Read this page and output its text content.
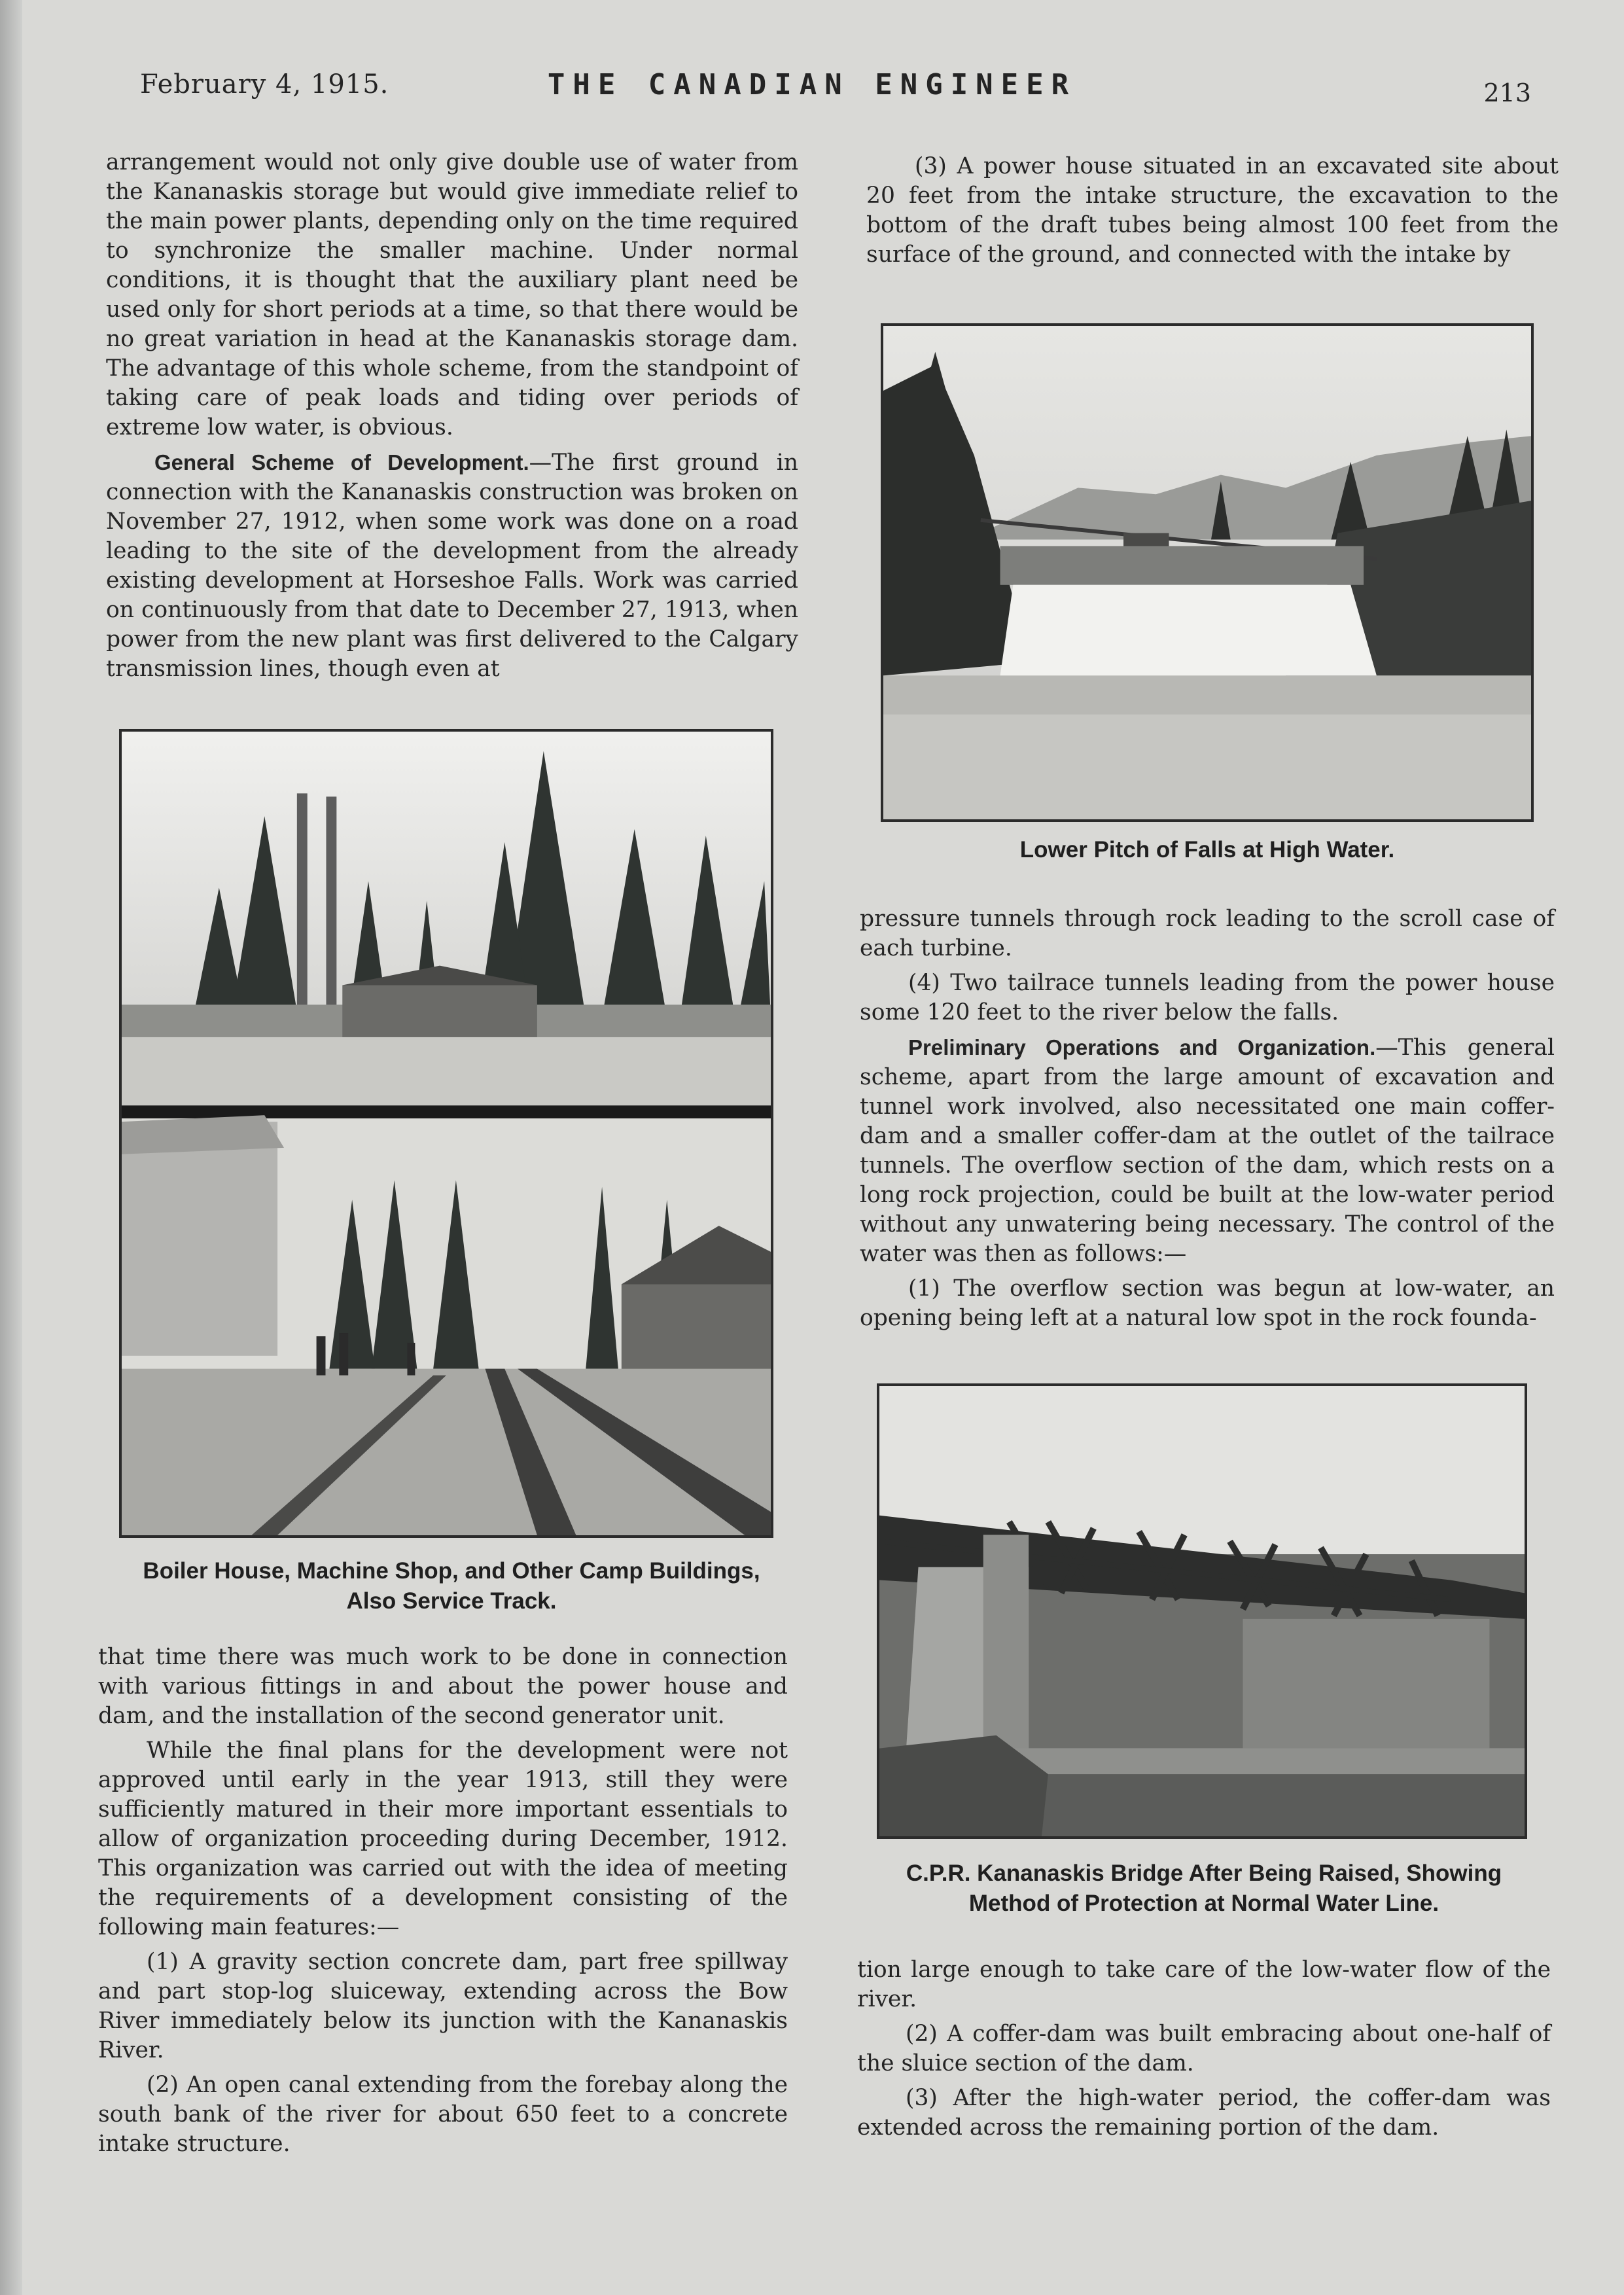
February 4, 1915.	THE CANADIAN ENGINEER	213

arrangement would not only give double use of water from the Kananaskis storage but would give immediate relief to the main power plants, depending only on the time required to synchronize the smaller machine. Under normal conditions, it is thought that the auxiliary plant need be used only for short periods at a time, so that there would be no great variation in head at the Kananaskis storage dam. The advantage of this whole scheme, from the standpoint of taking care of peak loads and tiding over periods of extreme low water, is obvious.

General Scheme of Development.—The first ground in connection with the Kananaskis construction was broken on November 27, 1912, when some work was done on a road leading to the site of the development from the already existing development at Horseshoe Falls. Work was carried on continuously from that date to December 27, 1913, when power from the new plant was first delivered to the Calgary transmission lines, though even at

Boiler House, Machine Shop, and Other Camp Buildings,
Also Service Track.

that time there was much work to be done in connection with various fittings in and about the power house and dam, and the installation of the second generator unit.

While the final plans for the development were not approved until early in the year 1913, still they were sufficiently matured in their more important essentials to allow of organization proceeding during December, 1912. This organization was carried out with the idea of meeting the requirements of a development consisting of the following main features:—

(1) A gravity section concrete dam, part free spillway and part stop-log sluiceway, extending across the Bow River immediately below its junction with the Kananaskis River.

(2) An open canal extending from the forebay along the south bank of the river for about 650 feet to a concrete intake structure.

(3) A power house situated in an excavated site about 20 feet from the intake structure, the excavation to the bottom of the draft tubes being almost 100 feet from the surface of the ground, and connected with the intake by

Lower Pitch of Falls at High Water.

pressure tunnels through rock leading to the scroll case of each turbine.

(4) Two tailrace tunnels leading from the power house some 120 feet to the river below the falls.

Preliminary Operations and Organization.—This general scheme, apart from the large amount of excavation and tunnel work involved, also necessitated one main coffer-dam and a smaller coffer-dam at the outlet of the tailrace tunnels. The overflow section of the dam, which rests on a long rock projection, could be built at the low-water period without any unwatering being necessary. The control of the water was then as follows:—

(1) The overflow section was begun at low-water, an opening being left at a natural low spot in the rock founda-

C.P.R. Kananaskis Bridge After Being Raised, Showing
Method of Protection at Normal Water Line.

tion large enough to take care of the low-water flow of the river.

(2) A coffer-dam was built embracing about one-half of the sluice section of the dam.

(3) After the high-water period, the coffer-dam was extended across the remaining portion of the dam.
